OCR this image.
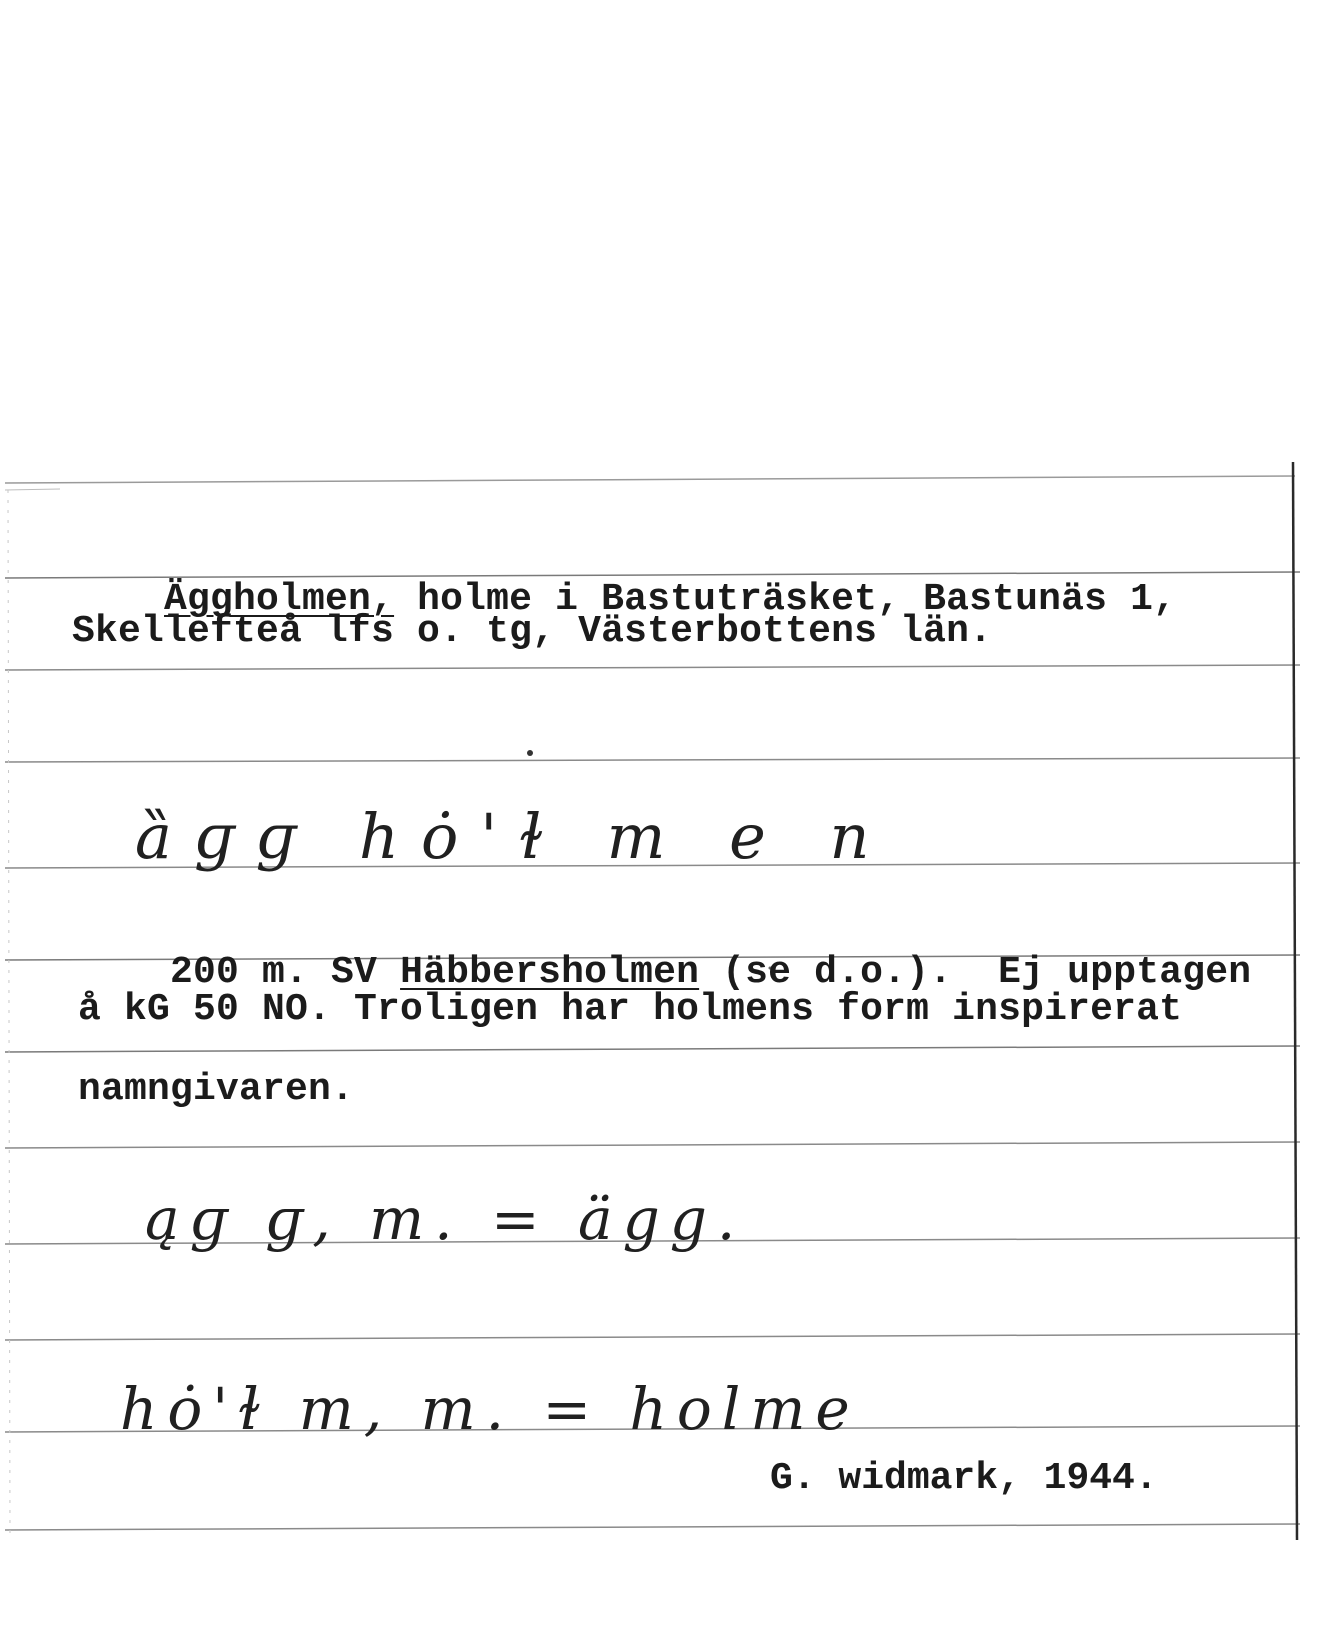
Äggholmen, holme i Bastuträsket, Bastunäs 1,

Skellefteå lfs o. tg, Västerbottens län.
ȁɡɡ hȯ'ɫ m e n

200 m. SV Häbbersholmen (se d.o.).  Ej upptagen

å kG 50 NO. Troligen har holmens form inspirerat
namngivaren.
ąɡ ɡ, m. = ägg.
hȯ'ɫ m, m. = holme
G. widmark, 1944.
